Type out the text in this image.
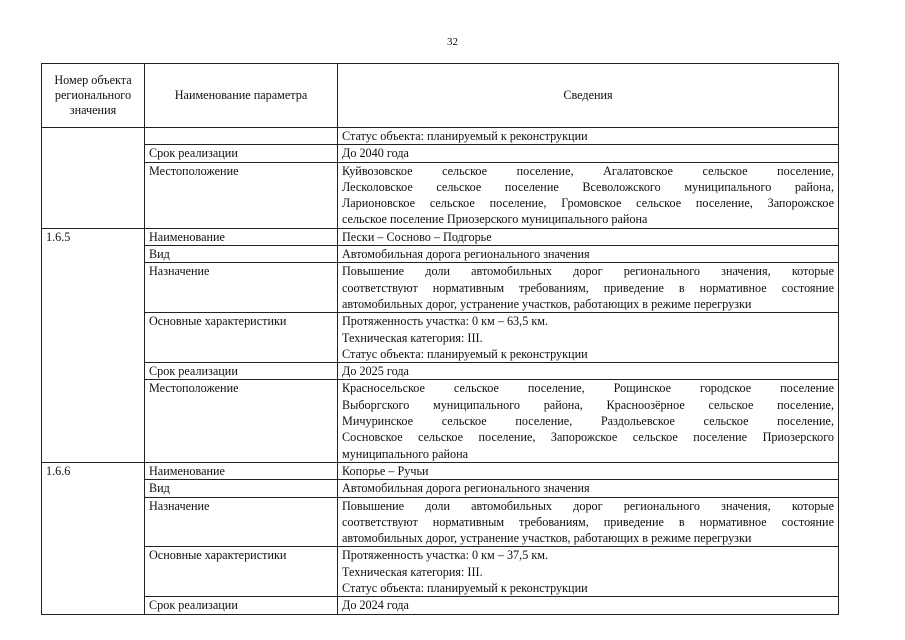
32
Номер объекта регионального значения	Наименование параметра	Сведения

		Статус объекта: планируемый к реконструкции

	Срок реализации	До 2040 года

	Местоположение	Куйвозовское сельское поселение, Агалатовское сельское поселение,
Лесколовское сельское поселение Всеволожского муниципального района,
Ларионовское сельское поселение, Громовское сельское поселение, Запорожское
сельское поселение Приозерского муниципального района

1.6.5	Наименование	Пески – Сосново – Подгорье

	Вид	Автомобильная дорога регионального значения

	Назначение	Повышение доли автомобильных дорог регионального значения, которые
соответствуют нормативным требованиям, приведение в нормативное состояние
автомобильных дорог, устранение участков, работающих в режиме перегрузки

	Основные характеристики	Протяженность участка: 0 км – 63,5 км.
Техническая категория: III.
Статус объекта: планируемый к реконструкции

	Срок реализации	До 2025 года

	Местоположение	Красносельское сельское поселение, Рощинское городское поселение
Выборгского муниципального района, Красноозёрное сельское поселение,
Мичуринское сельское поселение, Раздольевское сельское поселение,
Сосновское сельское поселение, Запорожское сельское поселение Приозерского
муниципального района

1.6.6	Наименование	Копорье – Ручьи

	Вид	Автомобильная дорога регионального значения

	Назначение	Повышение доли автомобильных дорог регионального значения, которые
соответствуют нормативным требованиям, приведение в нормативное состояние
автомобильных дорог, устранение участков, работающих в режиме перегрузки

	Основные характеристики	Протяженность участка: 0 км – 37,5 км.
Техническая категория: III.
Статус объекта: планируемый к реконструкции

	Срок реализации	До 2024 года
